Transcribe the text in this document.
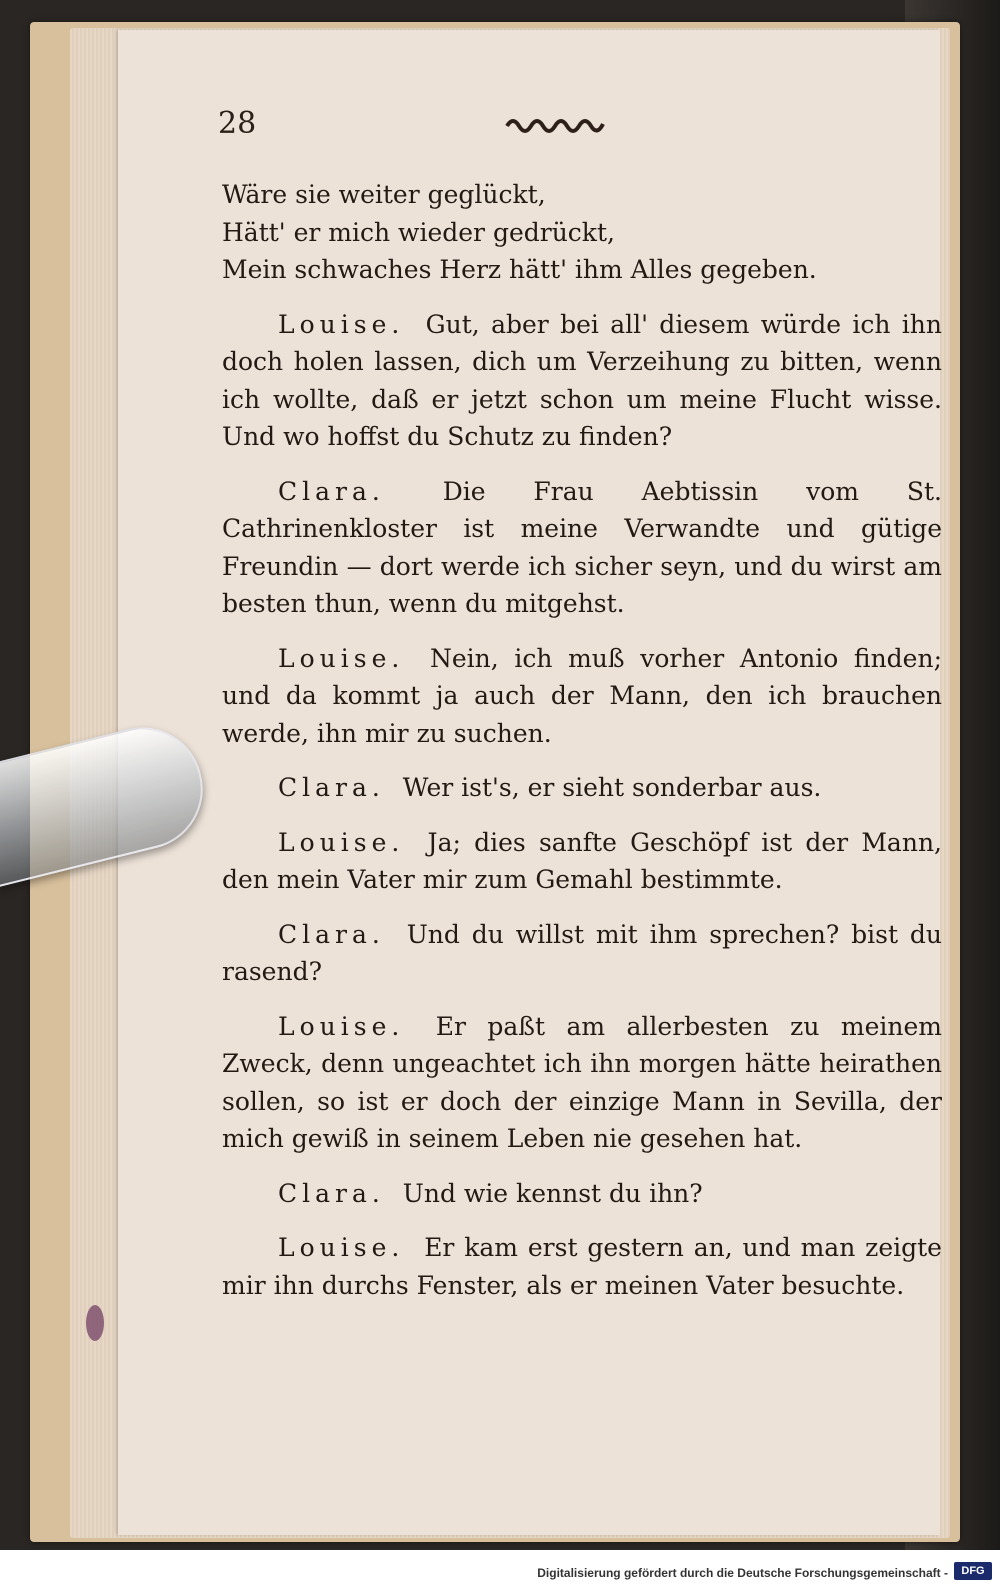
28

Wäre sie weiter geglückt,

Hätt' er mich wieder gedrückt,

Mein schwaches Herz hätt' ihm Alles gegeben.

Louise. Gut, aber bei all' diesem würde ich ihn doch holen lassen, dich um Verzeihung zu bitten, wenn ich wollte, daß er jetzt schon um meine Flucht wisse. Und wo hoffst du Schutz zu finden?

Clara. Die Frau Aebtissin vom St. Cathrinenkloster ist meine Verwandte und gütige Freundin — dort werde ich sicher seyn, und du wirst am besten thun, wenn du mitgehst.

Louise. Nein, ich muß vorher Antonio finden; und da kommt ja auch der Mann, den ich brauchen werde, ihn mir zu suchen.

Clara. Wer ist's, er sieht sonderbar aus.

Louise. Ja; dies sanfte Geschöpf ist der Mann, den mein Vater mir zum Gemahl bestimmte.

Clara. Und du willst mit ihm sprechen? bist du rasend?

Louise. Er paßt am allerbesten zu meinem Zweck, denn ungeachtet ich ihn morgen hätte heirathen sollen, so ist er doch der einzige Mann in Sevilla, der mich gewiß in seinem Leben nie gesehen hat.

Clara. Und wie kennst du ihn?

Louise. Er kam erst gestern an, und man zeigte mir ihn durchs Fenster, als er meinen Vater besuchte.

Digitalisierung gefördert durch die Deutsche Forschungsgemeinschaft -	DFG
